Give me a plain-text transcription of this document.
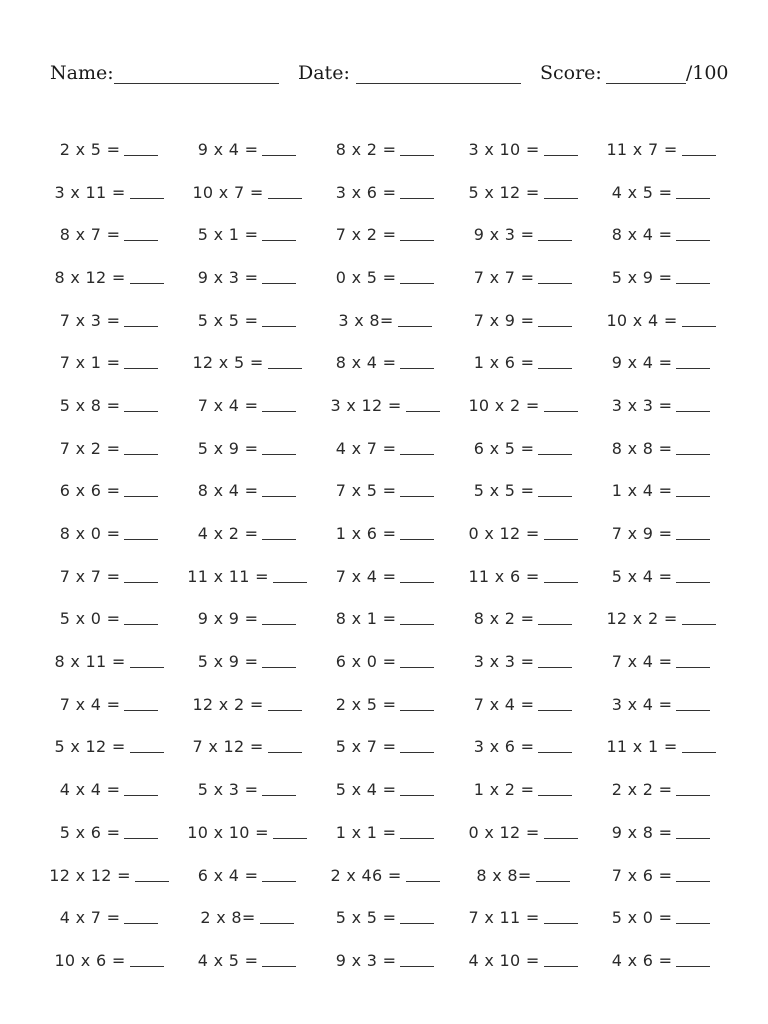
Name:	Date:	Score:	/100
2 x 5 =	9 x 4 =	8 x 2 =	3 x 10 =	11 x 7 =
3 x 11 =	10 x 7 =	3 x 6 =	5 x 12 =	4 x 5 =
8 x 7 =	5 x 1 =	7 x 2 =	9 x 3 =	8 x 4 =
8 x 12 =	9 x 3 =	0 x 5 =	7 x 7 =	5 x 9 =
7 x 3 =	5 x 5 =	3 x 8=	7 x 9 =	10 x 4 =
7 x 1 =	12 x 5 =	8 x 4 =	1 x 6 =	9 x 4 =
5 x 8 =	7 x 4 =	3 x 12 =	10 x 2 =	3 x 3 =
7 x 2 =	5 x 9 =	4 x 7 =	6 x 5 =	8 x 8 =
6 x 6 =	8 x 4 =	7 x 5 =	5 x 5 =	1 x 4 =
8 x 0 =	4 x 2 =	1 x 6 =	0 x 12 =	7 x 9 =
7 x 7 =	11 x 11 =	7 x 4 =	11 x 6 =	5 x 4 =
5 x 0 =	9 x 9 =	8 x 1 =	8 x 2 =	12 x 2 =
8 x 11 =	5 x 9 =	6 x 0 =	3 x 3 =	7 x 4 =
7 x 4 =	12 x 2 =	2 x 5 =	7 x 4 =	3 x 4 =
5 x 12 =	7 x 12 =	5 x 7 =	3 x 6 =	11 x 1 =
4 x 4 =	5 x 3 =	5 x 4 =	1 x 2 =	2 x 2 =
5 x 6 =	10 x 10 =	1 x 1 =	0 x 12 =	9 x 8 =
12 x 12 =	6 x 4 =	2 x 46 =	8 x 8=	7 x 6 =
4 x 7 =	2 x 8=	5 x 5 =	7 x 11 =	5 x 0 =
10 x 6 =	4 x 5 =	9 x 3 =	4 x 10 =	4 x 6 =
